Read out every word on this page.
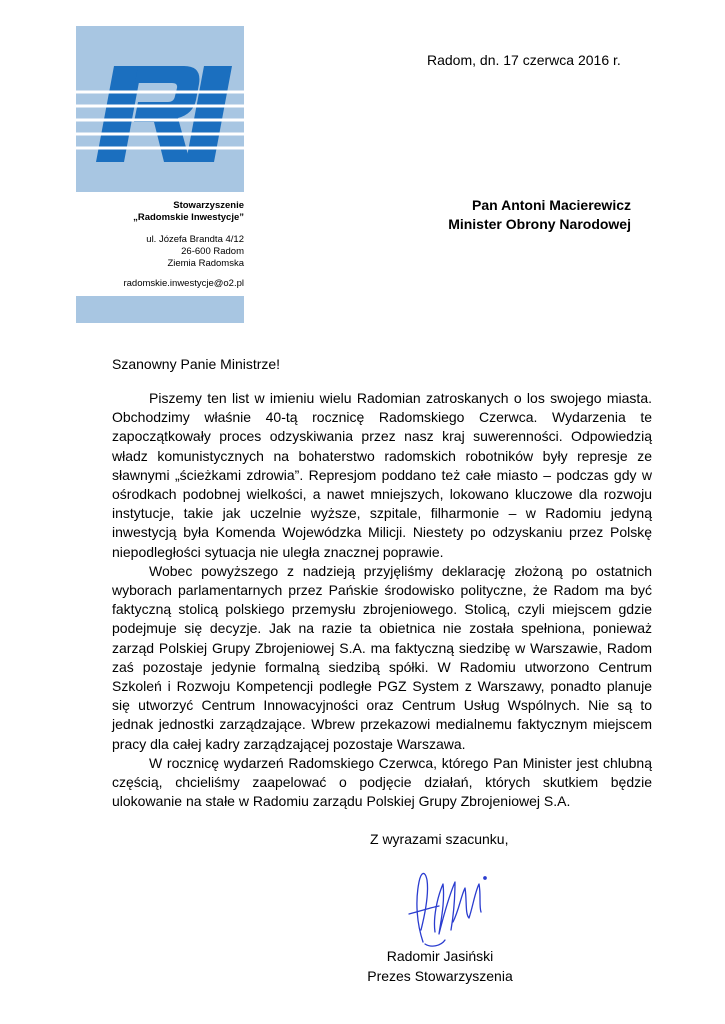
Stowarzyszenie
„Radomskie Inwestycje”
ul. Józefa Brandta 4/12
26-600 Radom
Ziemia Radomska
radomskie.inwestycje@o2.pl
Radom, dn. 17 czerwca 2016 r.
Pan Antoni Macierewicz
Minister Obrony Narodowej
Szanowny Panie Ministrze!

Piszemy ten list w imieniu wielu Radomian zatroskanych o los swojego miasta. Obchodzimy właśnie 40-tą rocznicę Radomskiego Czerwca. Wydarzenia te zapoczątkowały proces odzyskiwania przez nasz kraj suwerenności. Odpowiedzią władz komunistycznych na bohaterstwo radomskich robotników były represje ze sławnymi „ścieżkami zdrowia”. Represjom poddano też całe miasto – podczas gdy w ośrodkach podobnej wielkości, a nawet mniejszych, lokowano kluczowe dla rozwoju instytucje, takie jak uczelnie wyższe, szpitale, filharmonie – w Radomiu jedyną inwestycją była Komenda Wojewódzka Milicji. Niestety po odzyskaniu przez Polskę niepodległości sytuacja nie uległa znacznej poprawie.

Wobec powyższego z nadzieją przyjęliśmy deklarację złożoną po ostatnich wyborach parlamentarnych przez Pańskie środowisko polityczne, że Radom ma być faktyczną stolicą polskiego przemysłu zbrojeniowego. Stolicą, czyli miejscem gdzie podejmuje się decyzje. Jak na razie ta obietnica nie została spełniona, ponieważ zarząd Polskiej Grupy Zbrojeniowej S.A. ma faktyczną siedzibę w Warszawie, Radom zaś pozostaje jedynie formalną siedzibą spółki. W Radomiu utworzono Centrum Szkoleń i Rozwoju Kompetencji podległe PGZ System z Warszawy, ponadto planuje się utworzyć Centrum Innowacyjności oraz Centrum Usług Wspólnych. Nie są to jednak jednostki zarządzające. Wbrew przekazowi medialnemu faktycznym miejscem pracy dla całej kadry zarządzającej pozostaje Warszawa.

W rocznicę wydarzeń Radomskiego Czerwca, którego Pan Minister jest chlubną częścią, chcieliśmy zaapelować o podjęcie działań, których skutkiem będzie ulokowanie na stałe w Radomiu zarządu Polskiej Grupy Zbrojeniowej S.A.

Z wyrazami szacunku,
Radomir Jasiński
Prezes Stowarzyszenia
